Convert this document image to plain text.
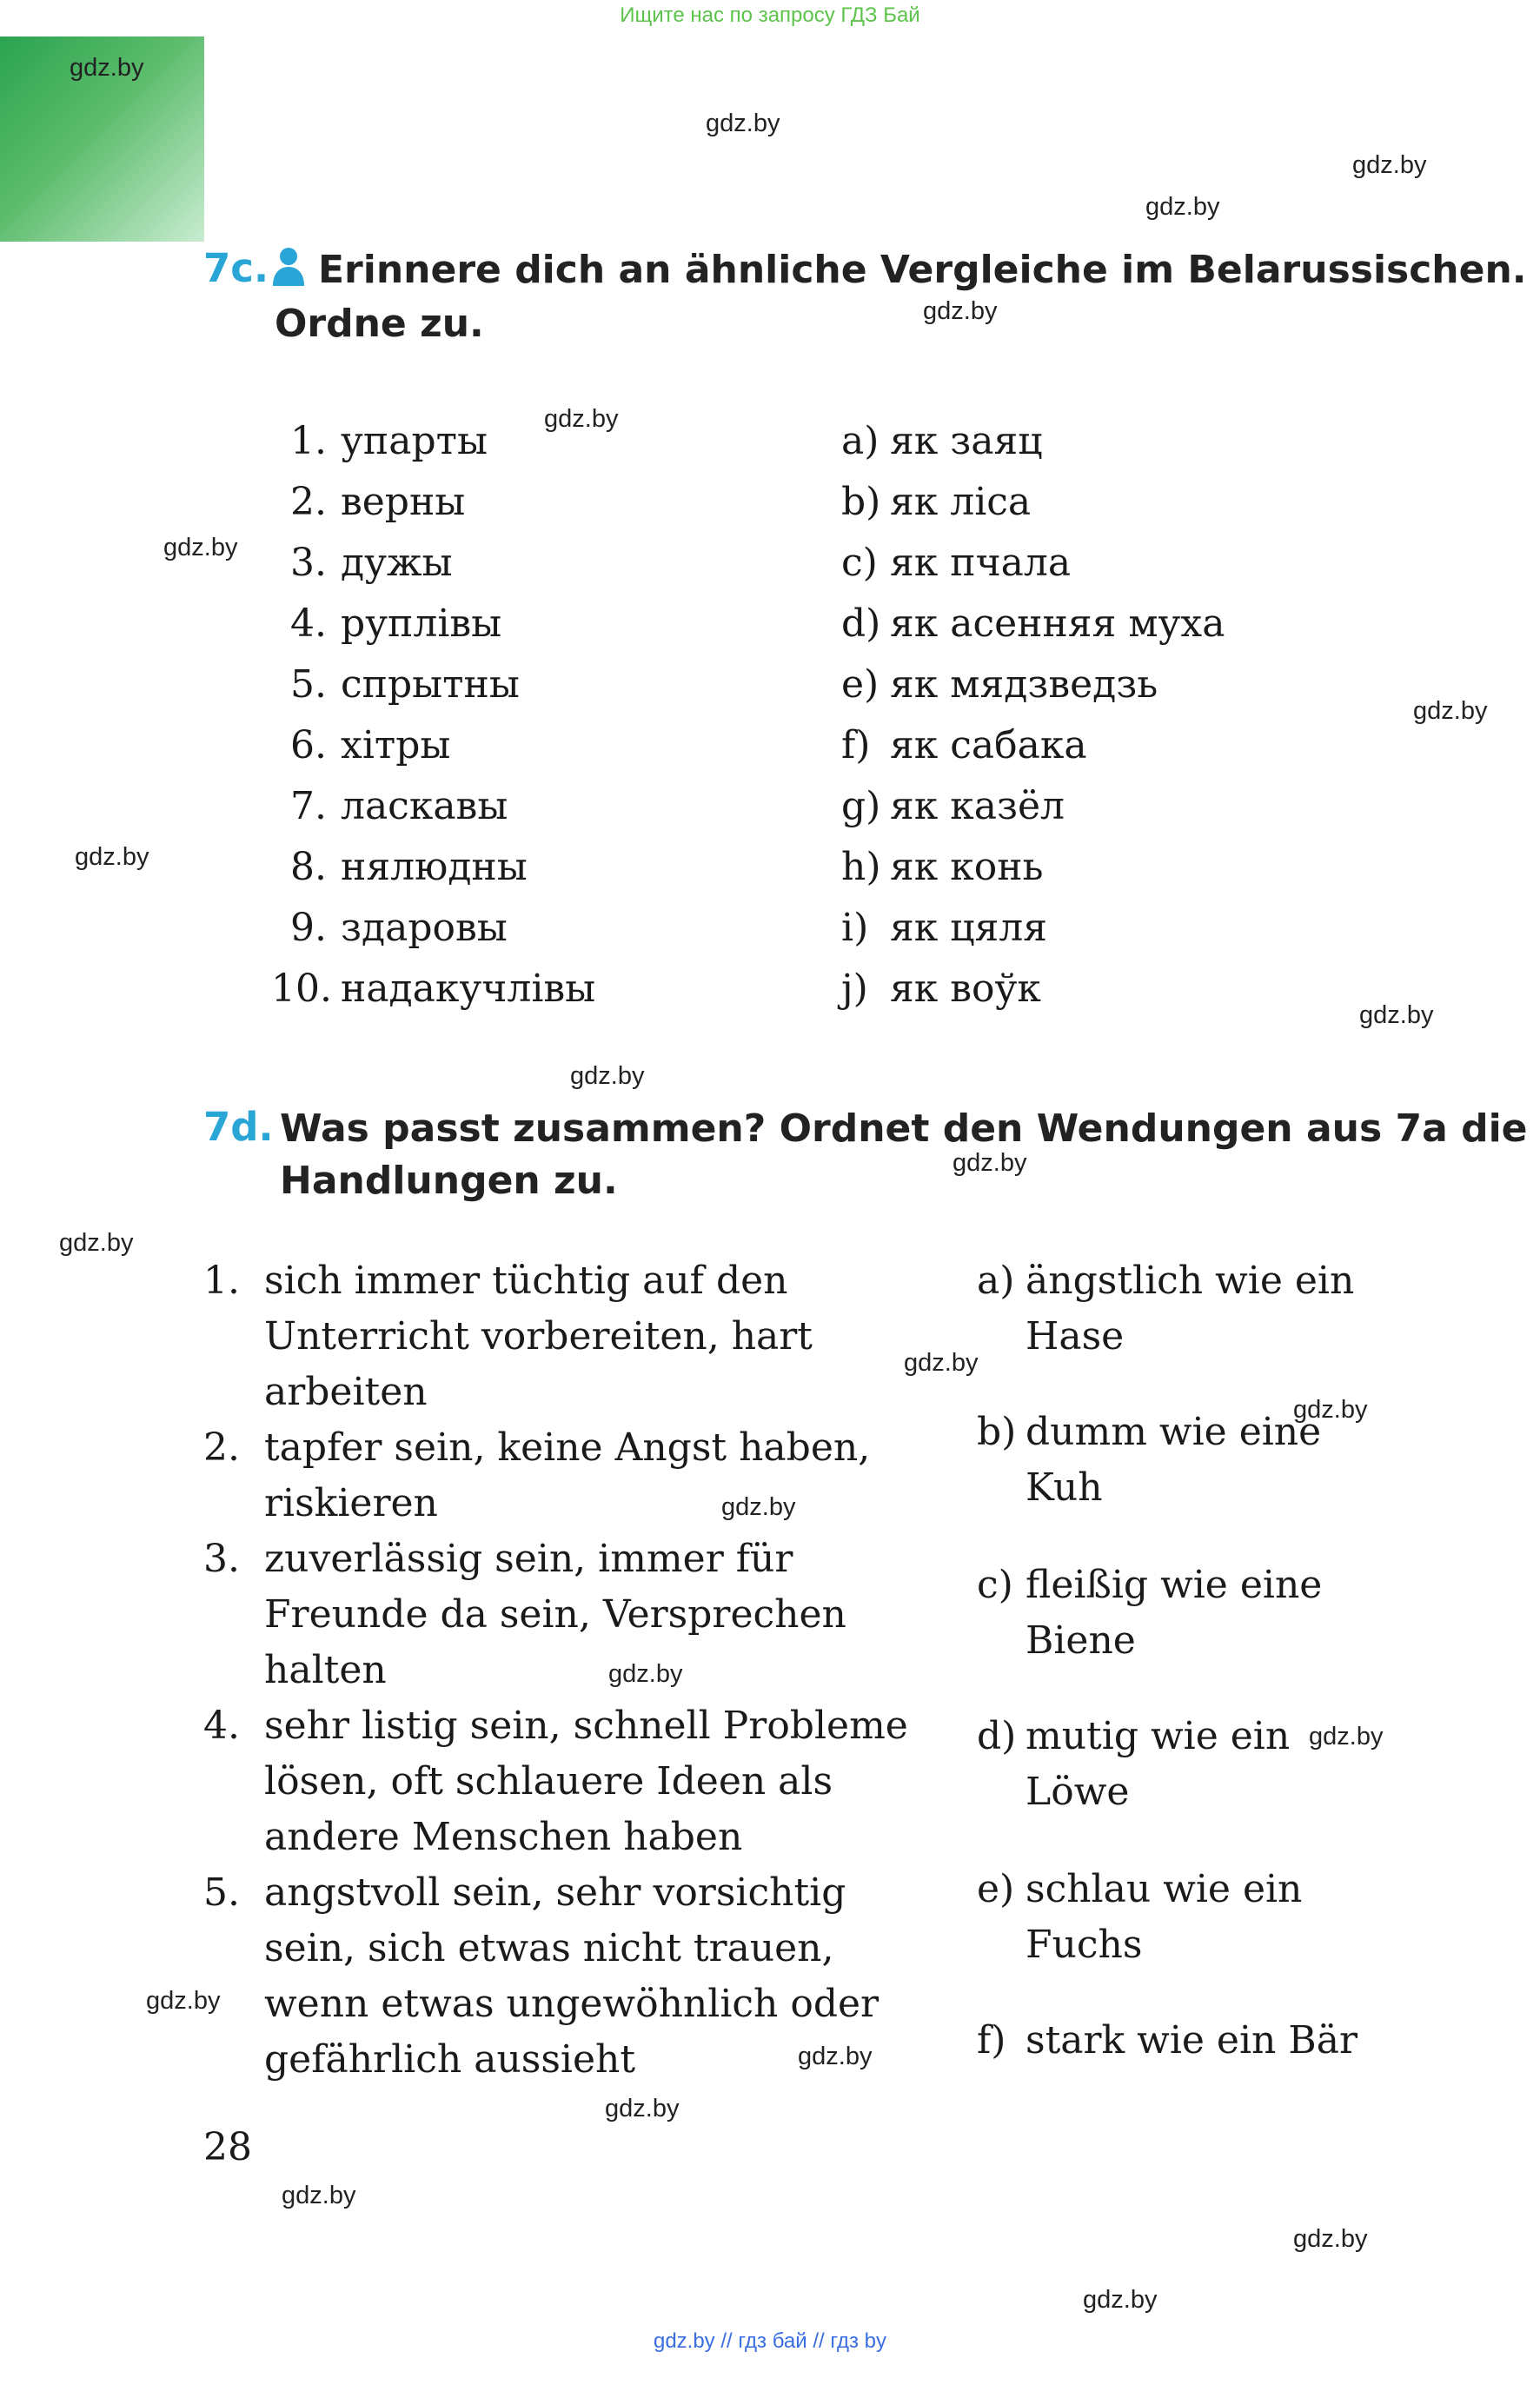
Ищите нас по запросу ГДЗ Бай
gdz.by
gdz.by
gdz.by
gdz.by
gdz.by
gdz.by
gdz.by
gdz.by
gdz.by
gdz.by
gdz.by
gdz.by
gdz.by
gdz.by
gdz.by
gdz.by
gdz.by
gdz.by
gdz.by
gdz.by
gdz.by
gdz.by
gdz.by
gdz.by
7c. Erinnere dich an ähnliche Vergleiche im Belarussischen.
Ordne zu.
7d. Was passt zusammen? Ordnet den Wendungen aus 7a die
Handlungen zu.
28
gdz.by // гдз бай // гдз by
1. упарты
2. верны
3. дужы
4. руплівы
5. спрытны
6. хітры
7. ласкавы
8. нялюдны
9. здаровы
10. надакучлівы
a) як заяц
b) як ліса
c) як пчала
d) як асенняя муха
e) як мядзведзь
f) як сабака
g) як казёл
h) як конь
i) як цяля
j) як воўк
1. sich immer tüchtig auf den
Unterricht vorbereiten, hart
arbeiten
2. tapfer sein, keine Angst haben,
riskieren
3. zuverlässig sein, immer für
Freunde da sein, Versprechen
halten
4. sehr listig sein, schnell Probleme
lösen, oft schlauere Ideen als
andere Menschen haben
5. angstvoll sein, sehr vorsichtig
sein, sich etwas nicht trauen,
wenn etwas ungewöhnlich oder
gefährlich aussieht
a) ängstlich wie ein
Hase
b) dumm wie eine
Kuh
c) fleißig wie eine
Biene
d) mutig wie ein
Löwe
e) schlau wie ein
Fuchs
f) stark wie ein Bär
